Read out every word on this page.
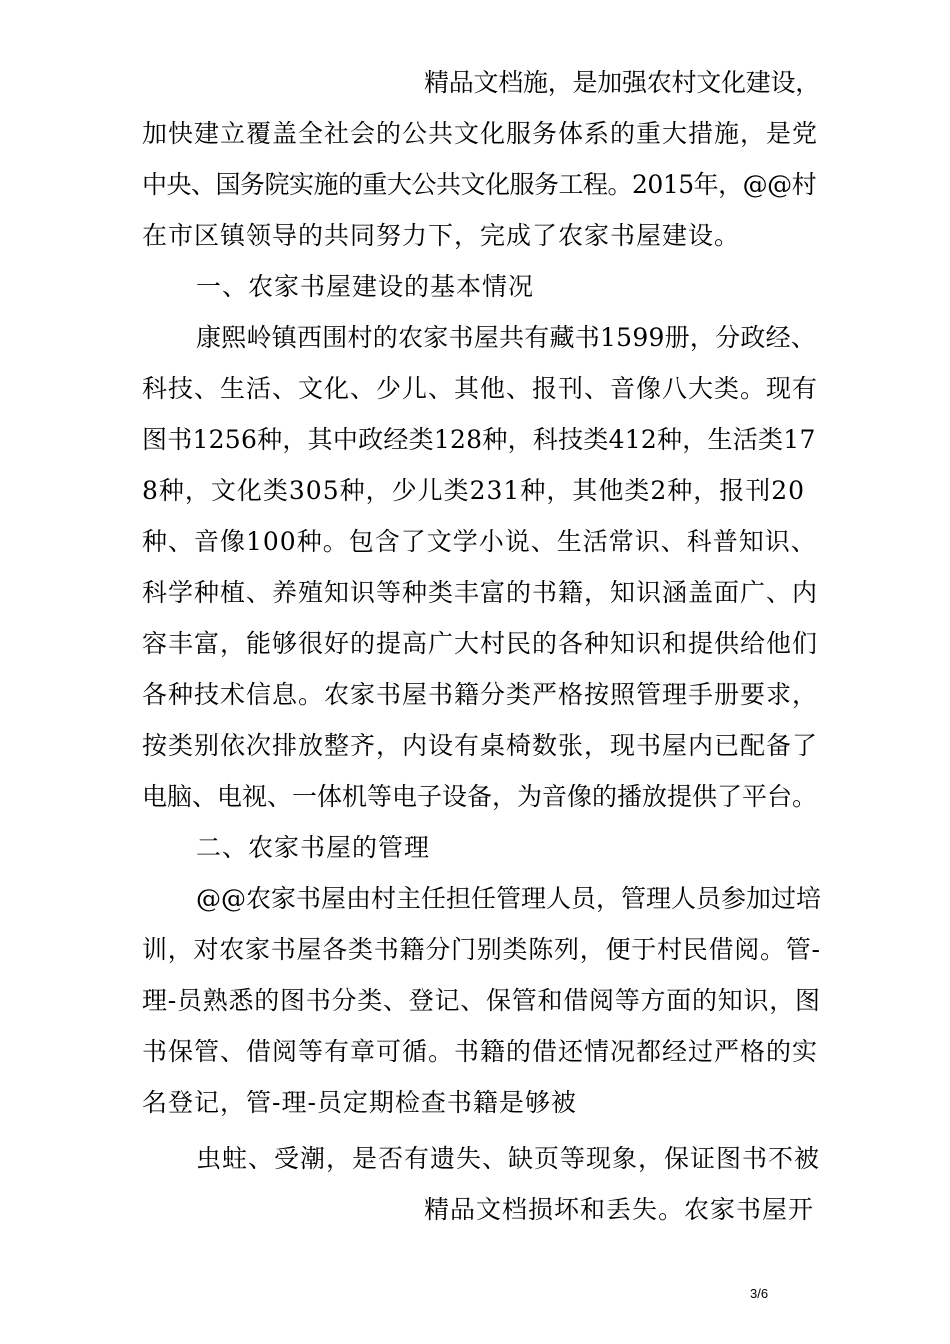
精品文档施，是加强农村文化建设，
加快建立覆盖全社会的公共文化服务体系的重大措施，是党
中央、国务院实施的重大公共文化服务工程。2015年，@@村
在市区镇领导的共同努力下，完成了农家书屋建设。
一、农家书屋建设的基本情况
康熙岭镇西围村的农家书屋共有藏书1599册，分政经、
科技、生活、文化、少儿、其他、报刊、音像八大类。现有
图书1256种，其中政经类128种，科技类412种，生活类17
8种，文化类305种，少儿类231种，其他类2种，报刊20
种、音像100种。包含了文学小说、生活常识、科普知识、
科学种植、养殖知识等种类丰富的书籍，知识涵盖面广、内
容丰富，能够很好的提高广大村民的各种知识和提供给他们
各种技术信息。农家书屋书籍分类严格按照管理手册要求，
按类别依次排放整齐，内设有桌椅数张，现书屋内已配备了
电脑、电视、一体机等电子设备，为音像的播放提供了平台。
二、农家书屋的管理
@@农家书屋由村主任担任管理人员，管理人员参加过培
训，对农家书屋各类书籍分门别类陈列，便于村民借阅。管-
理-员熟悉的图书分类、登记、保管和借阅等方面的知识，图
书保管、借阅等有章可循。书籍的借还情况都经过严格的实
名登记，管-理-员定期检查书籍是够被
虫蛀、受潮，是否有遗失、缺页等现象，保证图书不被
精品文档损坏和丢失。农家书屋开
3/6
